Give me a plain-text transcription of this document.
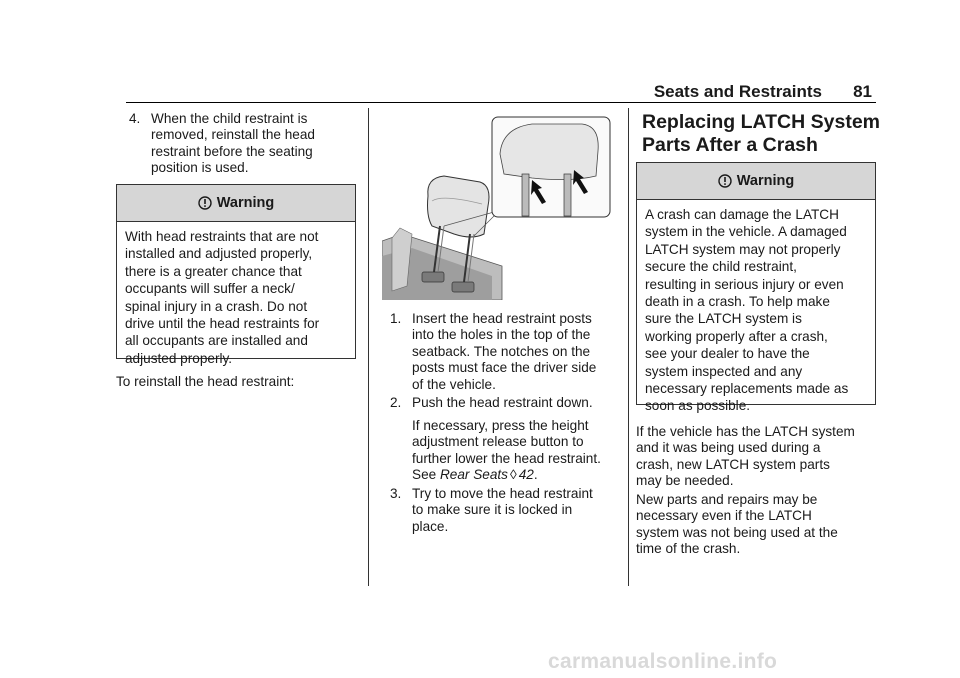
Seats and Restraints 81
4. When the child restraint is
removed, reinstall the head
restraint before the seating
position is used.
Warning
With head restraints that are not
installed and adjusted properly,
there is a greater chance that
occupants will suffer a neck/
spinal injury in a crash. Do not
drive until the head restraints for
all occupants are installed and
adjusted properly.
To reinstall the head restraint:
1. Insert the head restraint posts
into the holes in the top of the
seatback. The notches on the
posts must face the driver side
of the vehicle.
2. Push the head restraint down.
If necessary, press the height
adjustment release button to
further lower the head restraint.
See Rear Seats ◊ 42.
3. Try to move the head restraint
to make sure it is locked in
place.
Replacing LATCH System
Parts After a Crash
Warning
A crash can damage the LATCH
system in the vehicle. A damaged
LATCH system may not properly
secure the child restraint,
resulting in serious injury or even
death in a crash. To help make
sure the LATCH system is
working properly after a crash,
see your dealer to have the
system inspected and any
necessary replacements made as
soon as possible.
If the vehicle has the LATCH system
and it was being used during a
crash, new LATCH system parts
may be needed.
New parts and repairs may be
necessary even if the LATCH
system was not being used at the
time of the crash.
carmanualsonline.info
